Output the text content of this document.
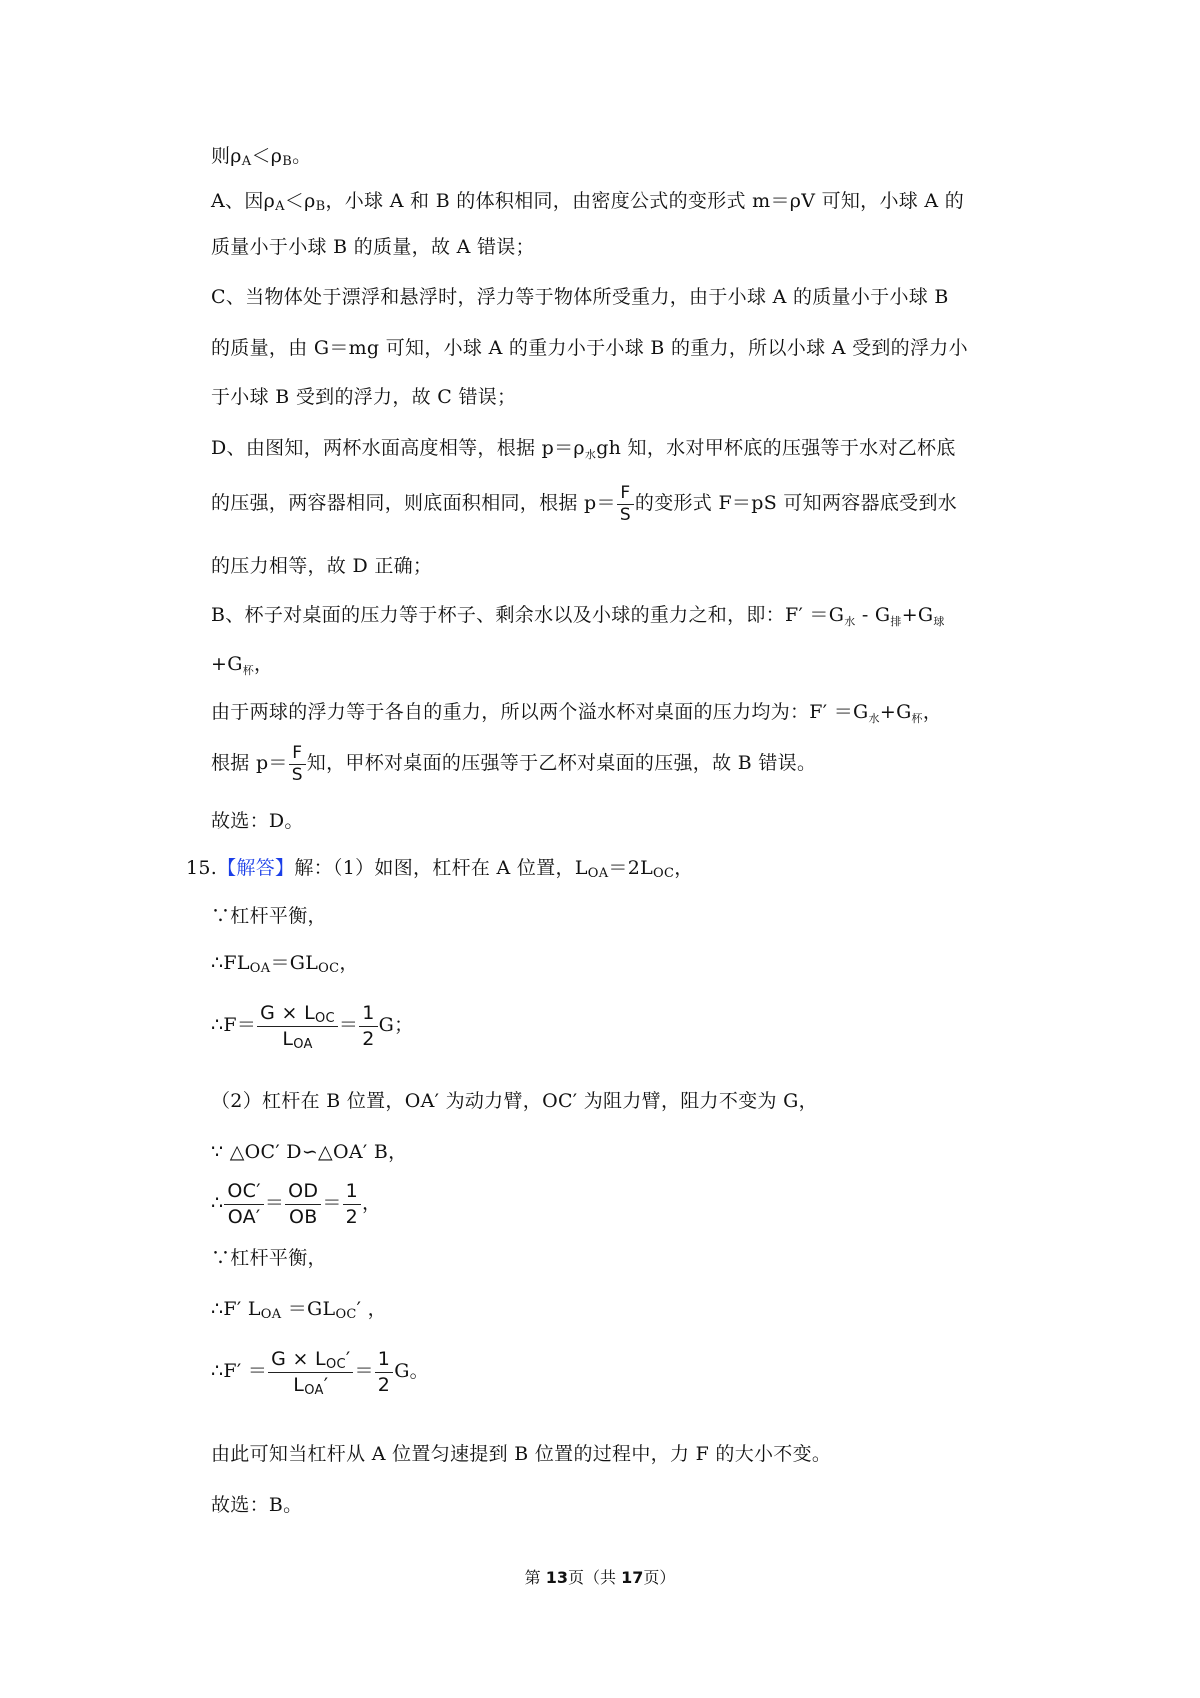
则$\rho_A<\rho_B$。
A、因$\rho_A<\rho_B$，小球 A 和 B 的体积相同，由密度公式的变形式 m＝ρV 可知，小球 A 的
质量小于小球 B 的质量，故 A 错误；
C、当物体处于漂浮和悬浮时，浮力等于物体所受重力，由于小球 A 的质量小于小球 B
的质量，由 G＝mg 可知，小球 A 的重力小于小球 B 的重力，所以小球 A 受到的浮力小
于小球 B 受到的浮力，故 C 错误；
D、由图知，两杯水面高度相等，根据 $p=\rho_水gh$ 知，水对甲杯底的压强等于水对乙杯底
的压强，两容器相同，则底面积相同，根据 $p= \frac{F}{S}$ 的变形式 F＝pS 可知两容器底受到水
的压力相等，故 D 正确；
B、杯子对桌面的压力等于杯子、剩余水以及小球的重力之和，即：$F' =G_水$ ‑ $G_排+G_球$
$+G_杯$，
由于两球的浮力等于各自的重力，所以两个溢水杯对桌面的压力均为：$F' =G_水+G_杯$，
根据 $p= \frac{F}{S}$ 知，甲杯对桌面的压强等于乙杯对桌面的压强，故 B 错误。
故选：D。
15.【解答】解：（1）如图，杠杆在 A 位置，$L_{OA}=2L_{OC}$，
∵杠杆平衡，
$\therefore FL_{OA}=GL_{OC}$，
∴F＝ $\frac{G \times L_{OC}}{L_{OA}} = \frac{1}{2}$ G；
（2）杠杆在 B 位置，OA′ 为动力臂，OC′ 为阻力臂，阻力不变为 G，
∵ △OC′ D∽△OA′ B，
∴ $\frac{OC'}{OA'} = \frac{OD}{OB} = \frac{1}{2}$ ，
∵杠杆平衡，
∴F′ $L_{OA} =GL_{OC}'$ ，
∴F′ ＝ $\frac{G \times L_{OC}'}{L_{OA}'} = \frac{1}{2}$ G。
由此可知当杠杆从 A 位置匀速提到 B 位置的过程中，力 F 的大小不变。
故选：B。
第 13页（共 17页）
